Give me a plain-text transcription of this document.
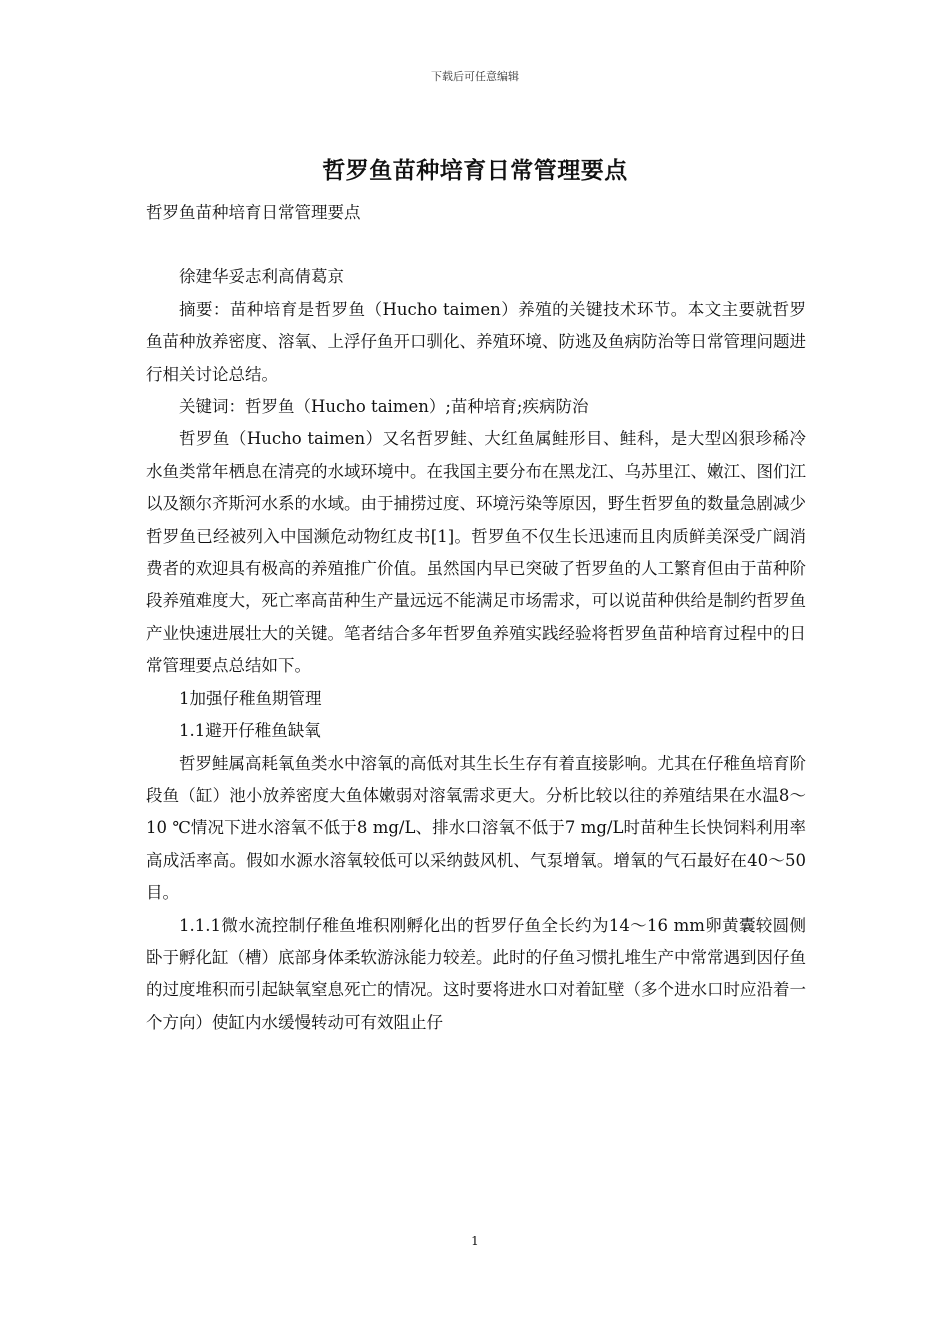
下载后可任意编辑
哲罗鱼苗种培育日常管理要点

哲罗鱼苗种培育日常管理要点

徐建华妥志利高倩葛京

摘要：苗种培育是哲罗鱼（Hucho taimen）养殖的关键技术环节。本文主要就哲罗鱼苗种放养密度、溶氧、上浮仔鱼开口驯化、养殖环境、防逃及鱼病防治等日常管理问题进行相关讨论总结。

关键词：哲罗鱼（Hucho taimen）;苗种培育;疾病防治

哲罗鱼（Hucho taimen）又名哲罗鲑、大红鱼属鲑形目、鲑科，是大型凶狠珍稀冷水鱼类常年栖息在清亮的水域环境中。在我国主要分布在黑龙江、乌苏里江、嫩江、图们江以及额尔齐斯河水系的水域。由于捕捞过度、环境污染等原因，野生哲罗鱼的数量急剧减少哲罗鱼已经被列入中国濒危动物红皮书[1]。哲罗鱼不仅生长迅速而且肉质鲜美深受广阔消费者的欢迎具有极高的养殖推广价值。虽然国内早已突破了哲罗鱼的人工繁育但由于苗种阶段养殖难度大，死亡率高苗种生产量远远不能满足市场需求，可以说苗种供给是制约哲罗鱼产业快速进展壮大的关键。笔者结合多年哲罗鱼养殖实践经验将哲罗鱼苗种培育过程中的日常管理要点总结如下。

1加强仔稚鱼期管理

1.1避开仔稚鱼缺氧

哲罗鲑属高耗氧鱼类水中溶氧的高低对其生长生存有着直接影响。尤其在仔稚鱼培育阶段鱼（缸）池小放养密度大鱼体嫩弱对溶氧需求更大。分析比较以往的养殖结果在水温8～10 ℃情况下进水溶氧不低于8 mg/L、排水口溶氧不低于7 mg/L时苗种生长快饲料利用率高成活率高。假如水源水溶氧较低可以采纳鼓风机、气泵增氧。增氧的气石最好在40～50目。

1.1.1微水流控制仔稚鱼堆积刚孵化出的哲罗仔鱼全长约为14～16 mm卵黄囊较圆侧卧于孵化缸（槽）底部身体柔软游泳能力较差。此时的仔鱼习惯扎堆生产中常常遇到因仔鱼的过度堆积而引起缺氧窒息死亡的情况。这时要将进水口对着缸壁（多个进水口时应沿着一个方向）使缸内水缓慢转动可有效阻止仔

1
